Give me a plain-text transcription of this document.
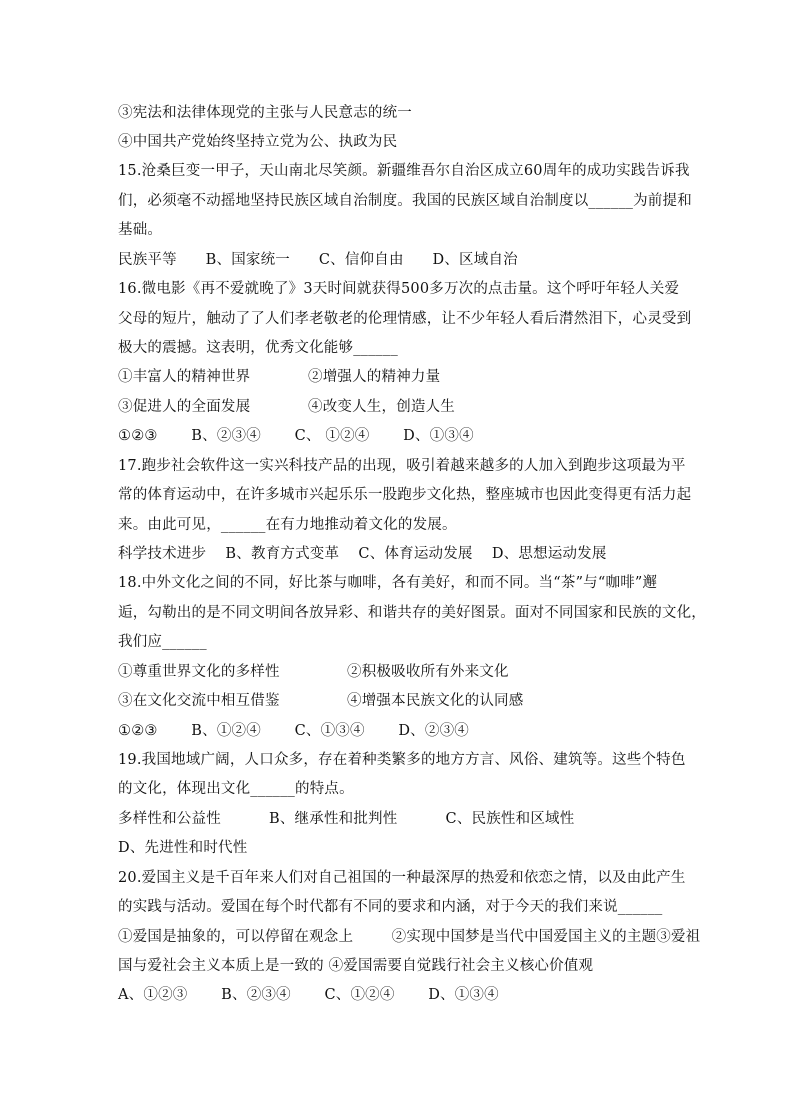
③宪法和法律体现党的主张与人民意志的统一
④中国共产党始终坚持立党为公、执政为民
15.沧桑巨变一甲子，天山南北尽笑颜。新疆维吾尔自治区成立60周年的成功实践告诉我
们，必须毫不动摇地坚持民族区域自治制度。我国的民族区域自治制度以______为前提和
基础。
民族平等      B、国家统一      C、信仰自由      D、区域自治
16.微电影《再不爱就晚了》3天时间就获得500多万次的点击量。这个呼吁年轻人关爱
父母的短片，触动了了人们孝老敬老的伦理情感，让不少年轻人看后潸然泪下，心灵受到
极大的震撼。这表明，优秀文化能够______
①丰富人的精神世界            ②增强人的精神力量
③促进人的全面发展            ④改变人生，创造人生
①②③       B、②③④       C、 ①②④       D、①③④
17.跑步社会软件这一实兴科技产品的出现，吸引着越来越多的人加入到跑步这项最为平
常的体育运动中，在许多城市兴起乐乐一股跑步文化热，整座城市也因此变得更有活力起
来。由此可见，______在有力地推动着文化的发展。
科学技术进步    B、教育方式变革    C、体育运动发展    D、思想运动发展
18.中外文化之间的不同，好比茶与咖啡，各有美好，和而不同。当“茶”与“咖啡”邂
逅，勾勒出的是不同文明间各放异彩、和谐共存的美好图景。面对不同国家和民族的文化，
我们应______
①尊重世界文化的多样性              ②积极吸收所有外来文化
③在文化交流中相互借鉴              ④增强本民族文化的认同感
①②③       B、①②④       C、①③④       D、②③④
19.我国地域广阔，人口众多，存在着种类繁多的地方方言、风俗、建筑等。这些个特色
的文化，体现出文化______的特点。
多样性和公益性          B、继承性和批判性          C、民族性和区域性
D、先进性和时代性
20.爱国主义是千百年来人们对自己祖国的一种最深厚的热爱和依恋之情，以及由此产生
的实践与活动。爱国在每个时代都有不同的要求和内涵，对于今天的我们来说______
①爱国是抽象的，可以停留在观念上        ②实现中国梦是当代中国爱国主义的主题③爱祖
国与爱社会主义本质上是一致的 ④爱国需要自觉践行社会主义核心价值观
A、①②③       B、②③④       C、①②④       D、①③④
